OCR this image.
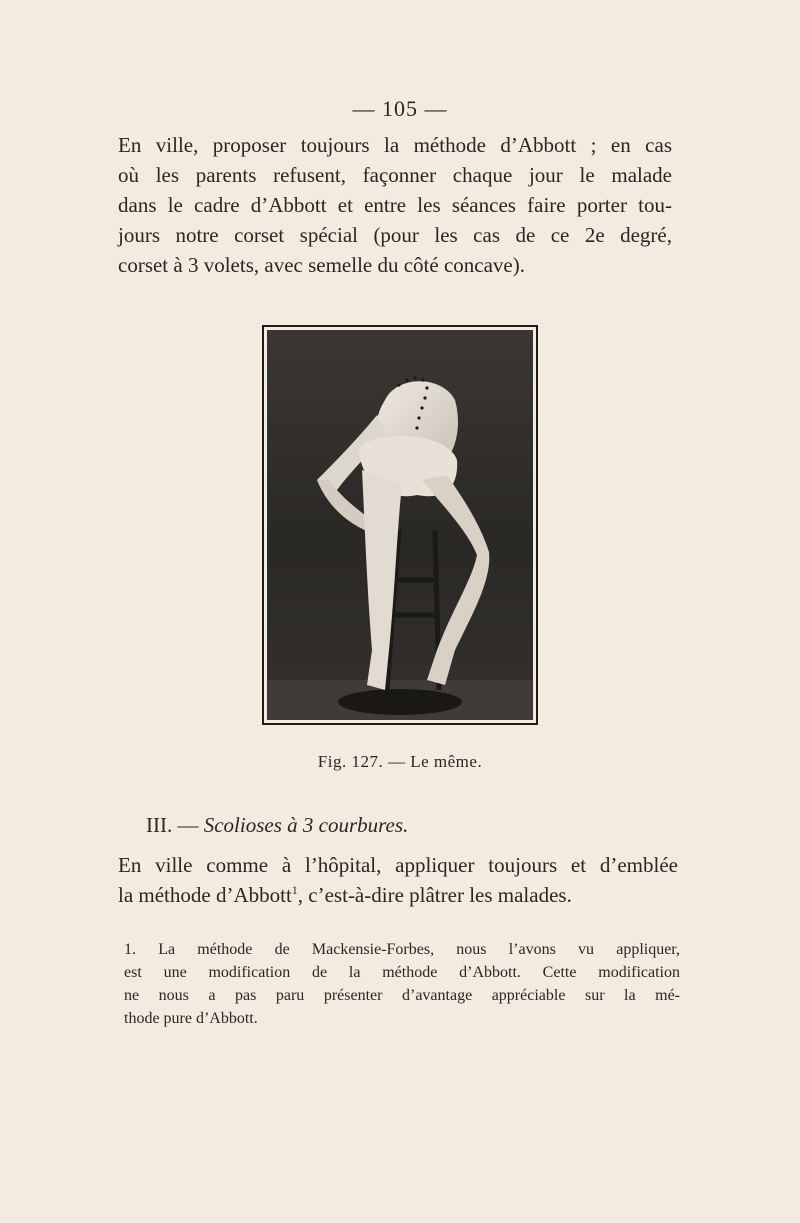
— 105 —
En ville, proposer toujours la méthode d’Abbott ; en cas
où les parents refusent, façonner chaque jour le malade
dans le cadre d’Abbott et entre les séances faire porter tou-
jours notre corset spécial (pour les cas de ce 2e degré,
corset à 3 volets, avec semelle du côté concave).
Fig. 127. — Le même.
III. — Scolioses à 3 courbures.
En ville comme à l’hôpital, appliquer toujours et d’emblée
la méthode d’Abbott$^1$, c’est-à-dire plâtrer les malades.
1. La méthode de Mackensie-Forbes, nous l’avons vu appliquer,
est une modification de la méthode d’Abbott. Cette modification
ne nous a pas paru présenter d’avantage appréciable sur la mé-
thode pure d’Abbott.
